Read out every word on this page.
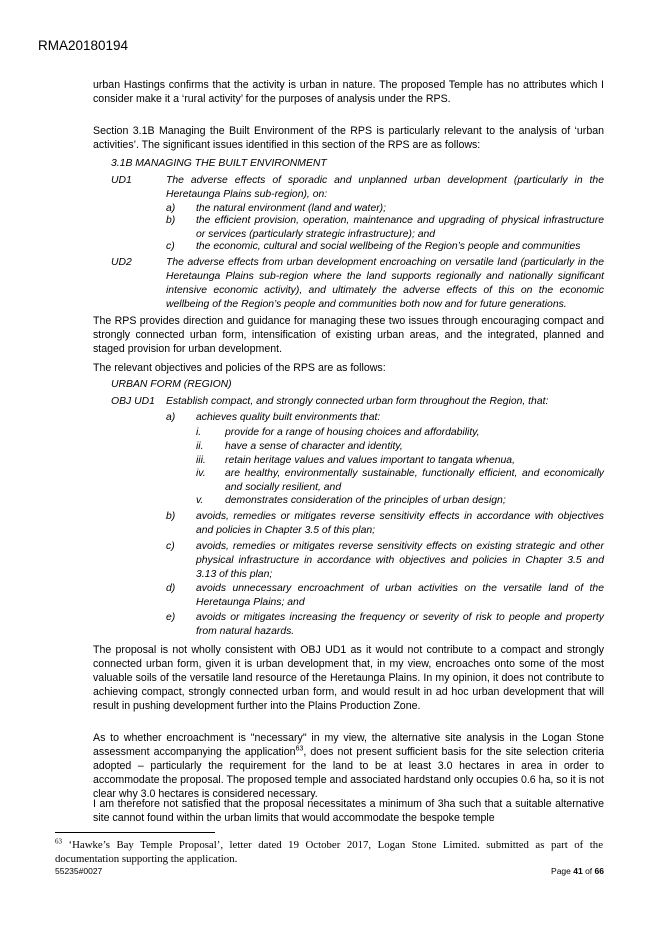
RMA20180194
urban Hastings confirms that the activity is urban in nature. The proposed Temple has no attributes which I consider make it a ‘rural activity’ for the purposes of analysis under the RPS.
Section 3.1B Managing the Built Environment of the RPS is particularly relevant to the analysis of ‘urban activities’. The significant issues identified in this section of the RPS are as follows:
3.1B MANAGING THE BUILT ENVIRONMENT
UD1	The adverse effects of sporadic and unplanned urban development (particularly in the Heretaunga Plains sub-region), on:
a) the natural environment (land and water);
b) the efficient provision, operation, maintenance and upgrading of physical infrastructure or services (particularly strategic infrastructure); and
c) the economic, cultural and social wellbeing of the Region’s people and communities
UD2	The adverse effects from urban development encroaching on versatile land (particularly in the Heretaunga Plains sub-region where the land supports regionally and nationally significant intensive economic activity), and ultimately the adverse effects of this on the economic wellbeing of the Region’s people and communities both now and for future generations.
The RPS provides direction and guidance for managing these two issues through encouraging compact and strongly connected urban form, intensification of existing urban areas, and the integrated, planned and staged provision for urban development.
The relevant objectives and policies of the RPS are as follows:
URBAN FORM (REGION)
OBJ UD1 Establish compact, and strongly connected urban form throughout the Region, that:
a) achieves quality built environments that:
i. provide for a range of housing choices and affordability,
ii. have a sense of character and identity,
iii. retain heritage values and values important to tangata whenua,
iv. are healthy, environmentally sustainable, functionally efficient, and economically and socially resilient, and
v. demonstrates consideration of the principles of urban design;
b) avoids, remedies or mitigates reverse sensitivity effects in accordance with objectives and policies in Chapter 3.5 of this plan;
c) avoids, remedies or mitigates reverse sensitivity effects on existing strategic and other physical infrastructure in accordance with objectives and policies in Chapter 3.5 and 3.13 of this plan;
d) avoids unnecessary encroachment of urban activities on the versatile land of the Heretaunga Plains; and
e) avoids or mitigates increasing the frequency or severity of risk to people and property from natural hazards.
The proposal is not wholly consistent with OBJ UD1 as it would not contribute to a compact and strongly connected urban form, given it is urban development that, in my view, encroaches onto some of the most valuable soils of the versatile land resource of the Heretaunga Plains. In my opinion, it does not contribute to achieving compact, strongly connected urban form, and would result in ad hoc urban development that will result in pushing development further into the Plains Production Zone.
As to whether encroachment is "necessary" in my view, the alternative site analysis in the Logan Stone assessment accompanying the application$^{63}$, does not present sufficient basis for the site selection criteria adopted – particularly the requirement for the land to be at least 3.0 hectares in area in order to accommodate the proposal. The proposed temple and associated hardstand only occupies 0.6 ha, so it is not clear why 3.0 hectares is considered necessary.
I am therefore not satisfied that the proposal necessitates a minimum of 3ha such that a suitable alternative site cannot found within the urban limits that would accommodate the bespoke temple
$^{63}$ ‘Hawke’s Bay Temple Proposal’, letter dated 19 October 2017, Logan Stone Limited. submitted as part of the documentation supporting the application.
55235#0027	Page 41 of 66
